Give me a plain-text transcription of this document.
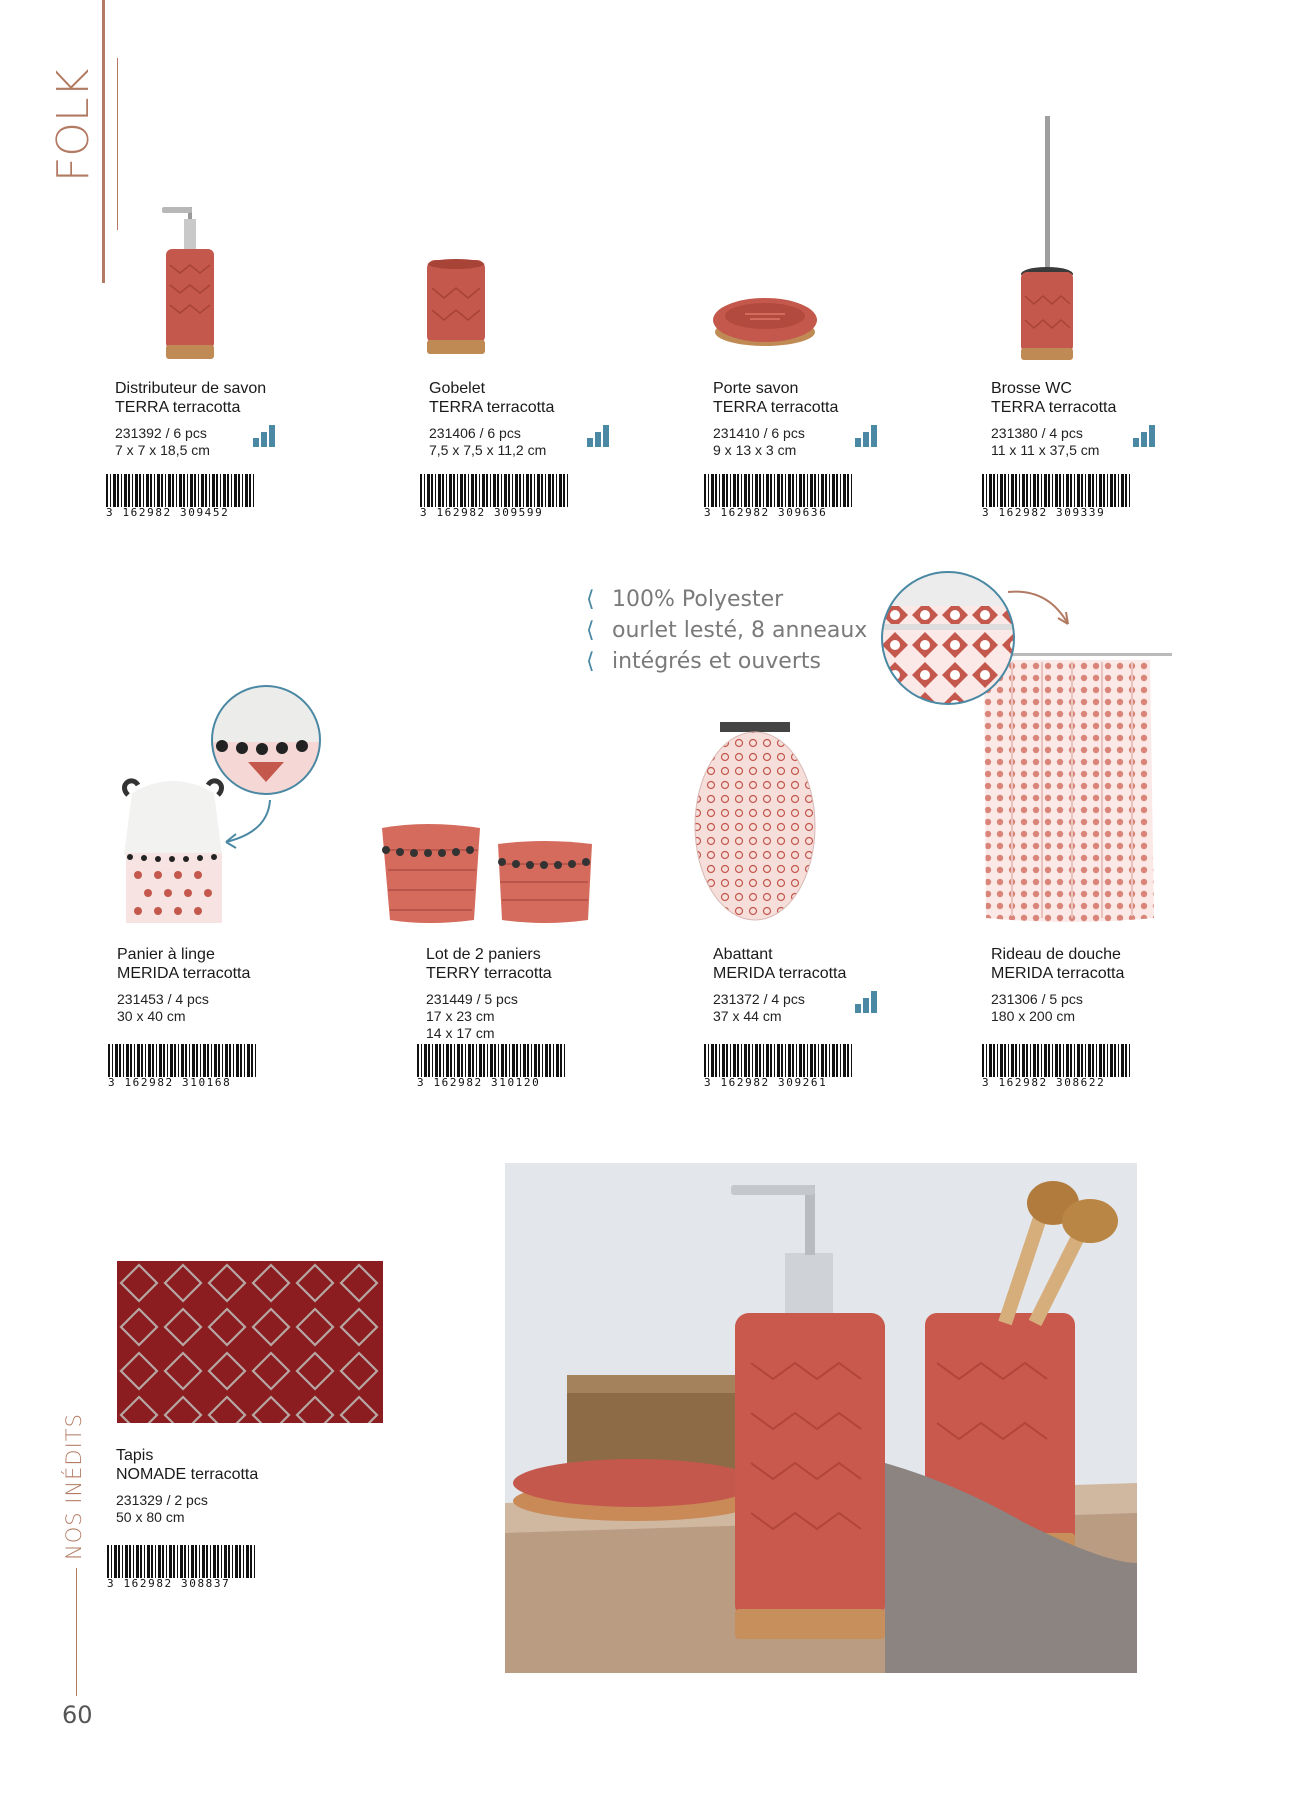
FOLK
NOS INÉDITS
60
⟨ 100% Polyester
⟨ ourlet lesté, 8 anneaux
⟨ intégrés et ouverts
Distributeur de savon
TERRA terracotta
231392 / 6 pcs
7 x 7 x 18,5 cm
3 162982 309452
Gobelet
TERRA terracotta
231406 / 6 pcs
7,5 x 7,5 x 11,2 cm
3 162982 309599
Porte savon
TERRA terracotta
231410 / 6 pcs
9 x 13 x 3 cm
3 162982 309636
Brosse WC
TERRA terracotta
231380 / 4 pcs
11 x 11 x 37,5 cm
3 162982 309339
Panier à linge
MERIDA terracotta
231453 / 4 pcs
30 x 40 cm
3 162982 310168
Lot de 2 paniers
TERRY terracotta
231449 / 5 pcs
17 x 23 cm
14 x 17 cm
3 162982 310120
Abattant
MERIDA terracotta
231372 / 4 pcs
37 x 44 cm
3 162982 309261
Rideau de douche
MERIDA terracotta
231306 / 5 pcs
180 x 200 cm
3 162982 308622
Tapis
NOMADE terracotta
231329 / 2 pcs
50 x 80 cm
3 162982 308837
